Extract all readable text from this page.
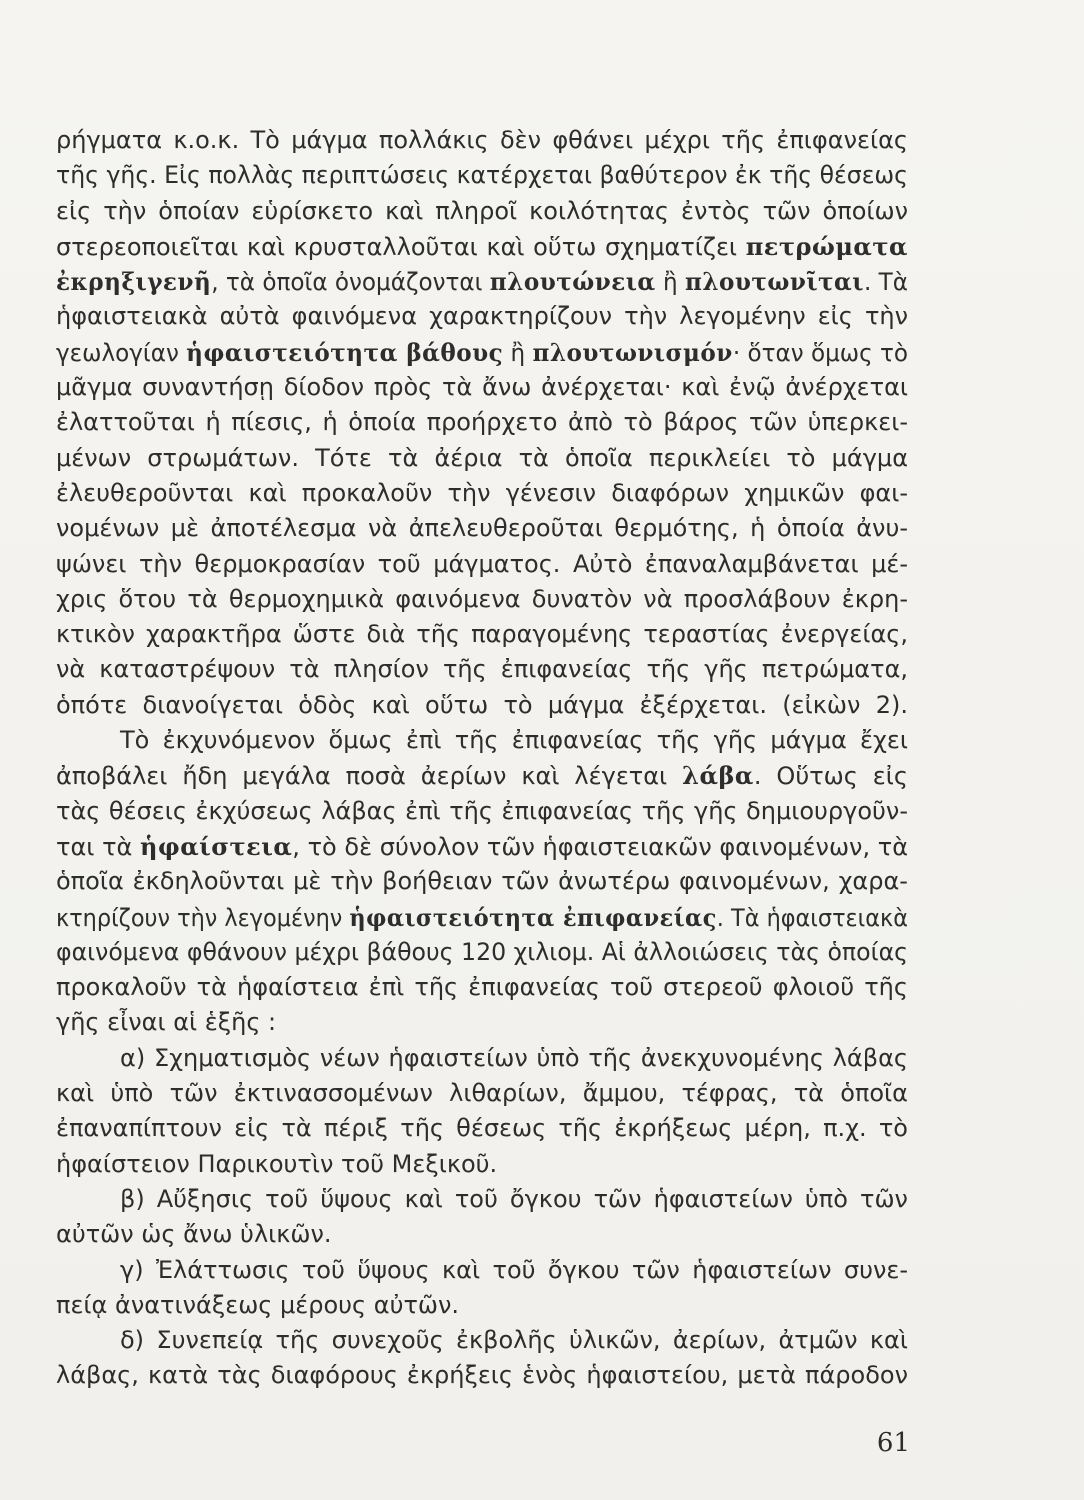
ρήγματα κ.ο.κ. Τὸ μάγμα πολλάκις δὲν φθάνει μέχρι τῆς ἐπιφανείας
τῆς γῆς. Εἰς πολλὰς περιπτώσεις κατέρχεται βαθύτερον ἐκ τῆς θέσεως
εἰς τὴν ὁποίαν εὑρίσκετο καὶ πληροῖ κοιλότητας ἐντὸς τῶν ὁποίων
στερεοποιεῖται καὶ κρυσταλλοῦται καὶ οὕτω σχηματίζει πετρώματα
ἐκρηξιγενῆ, τὰ ὁποῖα ὀνομάζονται πλουτώνεια ἢ πλουτωνῖται. Τὰ
ἡφαιστειακὰ αὐτὰ φαινόμενα χαρακτηρίζουν τὴν λεγομένην εἰς τὴν
γεωλογίαν ἡφαιστειότητα βάθους ἢ πλουτωνισμόν· ὅταν ὅμως τὸ
μᾶγμα συναντήσῃ δίοδον πρὸς τὰ ἄνω ἀνέρχεται· καὶ ἐνῷ ἀνέρχεται
ἐλαττοῦται ἡ πίεσις, ἡ ὁποία προήρχετο ἀπὸ τὸ βάρος τῶν ὑπερκει-
μένων στρωμάτων. Τότε τὰ ἀέρια τὰ ὁποῖα περικλείει τὸ μάγμα
ἐλευθεροῦνται καὶ προκαλοῦν τὴν γένεσιν διαφόρων χημικῶν φαι-
νομένων μὲ ἀποτέλεσμα νὰ ἀπελευθεροῦται θερμότης, ἡ ὁποία ἀνυ-
ψώνει τὴν θερμοκρασίαν τοῦ μάγματος. Αὐτὸ ἐπαναλαμβάνεται μέ-
χρις ὅτου τὰ θερμοχημικὰ φαινόμενα δυνατὸν νὰ προσλάβουν ἐκρη-
κτικὸν χαρακτῆρα ὥστε διὰ τῆς παραγομένης τεραστίας ἐνεργείας,
νὰ καταστρέψουν τὰ πλησίον τῆς ἐπιφανείας τῆς γῆς πετρώματα,
ὁπότε διανοίγεται ὁδὸς καὶ οὕτω τὸ μάγμα ἐξέρχεται. (εἰκὼν 2).
Τὸ ἐκχυνόμενον ὅμως ἐπὶ τῆς ἐπιφανείας τῆς γῆς μάγμα ἔχει
ἀποβάλει ἤδη μεγάλα ποσὰ ἀερίων καὶ λέγεται λάβα. Οὕτως εἰς
τὰς θέσεις ἐκχύσεως λάβας ἐπὶ τῆς ἐπιφανείας τῆς γῆς δημιουργοῦν-
ται τὰ ἡφαίστεια, τὸ δὲ σύνολον τῶν ἡφαιστειακῶν φαινομένων, τὰ
ὁποῖα ἐκδηλοῦνται μὲ τὴν βοήθειαν τῶν ἀνωτέρω φαινομένων, χαρα-
κτηρίζουν τὴν λεγομένην ἡφαιστειότητα ἐπιφανείας. Τὰ ἡφαιστειακὰ
φαινόμενα φθάνουν μέχρι βάθους 120 χιλιομ. Αἱ ἀλλοιώσεις τὰς ὁποίας
προκαλοῦν τὰ ἡφαίστεια ἐπὶ τῆς ἐπιφανείας τοῦ στερεοῦ φλοιοῦ τῆς
γῆς εἶναι αἱ ἑξῆς :
α) Σχηματισμὸς νέων ἡφαιστείων ὑπὸ τῆς ἀνεκχυνομένης λάβας
καὶ ὑπὸ τῶν ἐκτινασσομένων λιθαρίων, ἄμμου, τέφρας, τὰ ὁποῖα
ἐπαναπίπτουν εἰς τὰ πέριξ τῆς θέσεως τῆς ἐκρήξεως μέρη, π.χ. τὸ
ἡφαίστειον Παρικουτὶν τοῦ Μεξικοῦ.
β) Αὔξησις τοῦ ὕψους καὶ τοῦ ὄγκου τῶν ἡφαιστείων ὑπὸ τῶν
αὐτῶν ὡς ἄνω ὑλικῶν.
γ) Ἐλάττωσις τοῦ ὕψους καὶ τοῦ ὄγκου τῶν ἡφαιστείων συνε-
πείᾳ ἀνατινάξεως μέρους αὐτῶν.
δ) Συνεπείᾳ τῆς συνεχοῦς ἐκβολῆς ὑλικῶν, ἀερίων, ἀτμῶν καὶ
λάβας, κατὰ τὰς διαφόρους ἐκρήξεις ἑνὸς ἡφαιστείου, μετὰ πάροδον
61
